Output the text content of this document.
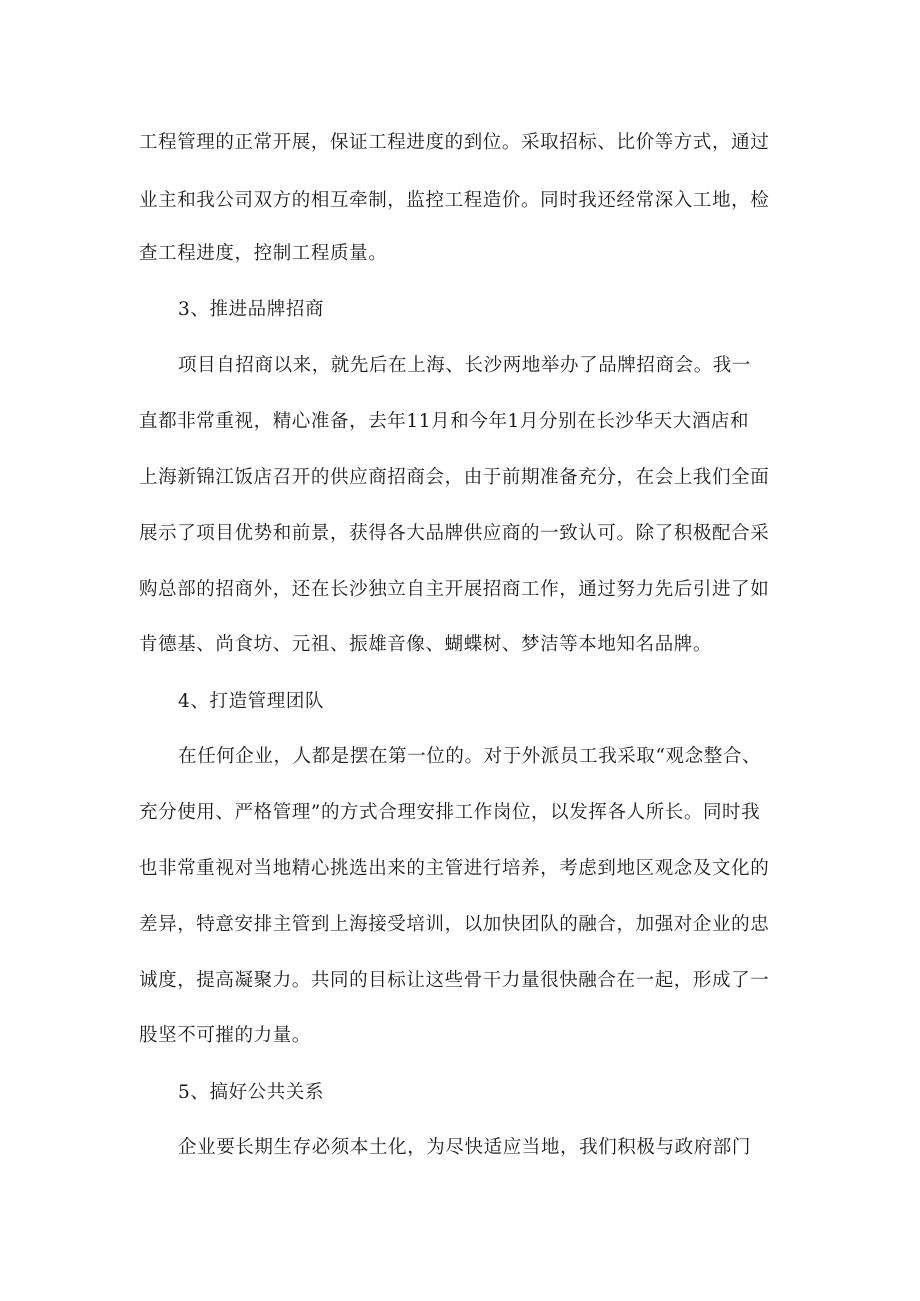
工程管理的正常开展，保证工程进度的到位。采取招标、比价等方式，通过
业主和我公司双方的相互牵制，监控工程造价。同时我还经常深入工地，检
查工程进度，控制工程质量。
3、推进品牌招商
项目自招商以来，就先后在上海、长沙两地举办了品牌招商会。我一
直都非常重视，精心准备，去年11月和今年1月分别在长沙华天大酒店和
上海新锦江饭店召开的供应商招商会，由于前期准备充分，在会上我们全面
展示了项目优势和前景，获得各大品牌供应商的一致认可。除了积极配合采
购总部的招商外，还在长沙独立自主开展招商工作，通过努力先后引进了如
肯德基、尚食坊、元祖、振雄音像、蝴蝶树、梦洁等本地知名品牌。
4、打造管理团队
在任何企业，人都是摆在第一位的。对于外派员工我采取“观念整合、
充分使用、严格管理”的方式合理安排工作岗位，以发挥各人所长。同时我
也非常重视对当地精心挑选出来的主管进行培养，考虑到地区观念及文化的
差异，特意安排主管到上海接受培训，以加快团队的融合，加强对企业的忠
诚度，提高凝聚力。共同的目标让这些骨干力量很快融合在一起，形成了一
股坚不可摧的力量。
5、搞好公共关系
企业要长期生存必须本土化，为尽快适应当地，我们积极与政府部门
